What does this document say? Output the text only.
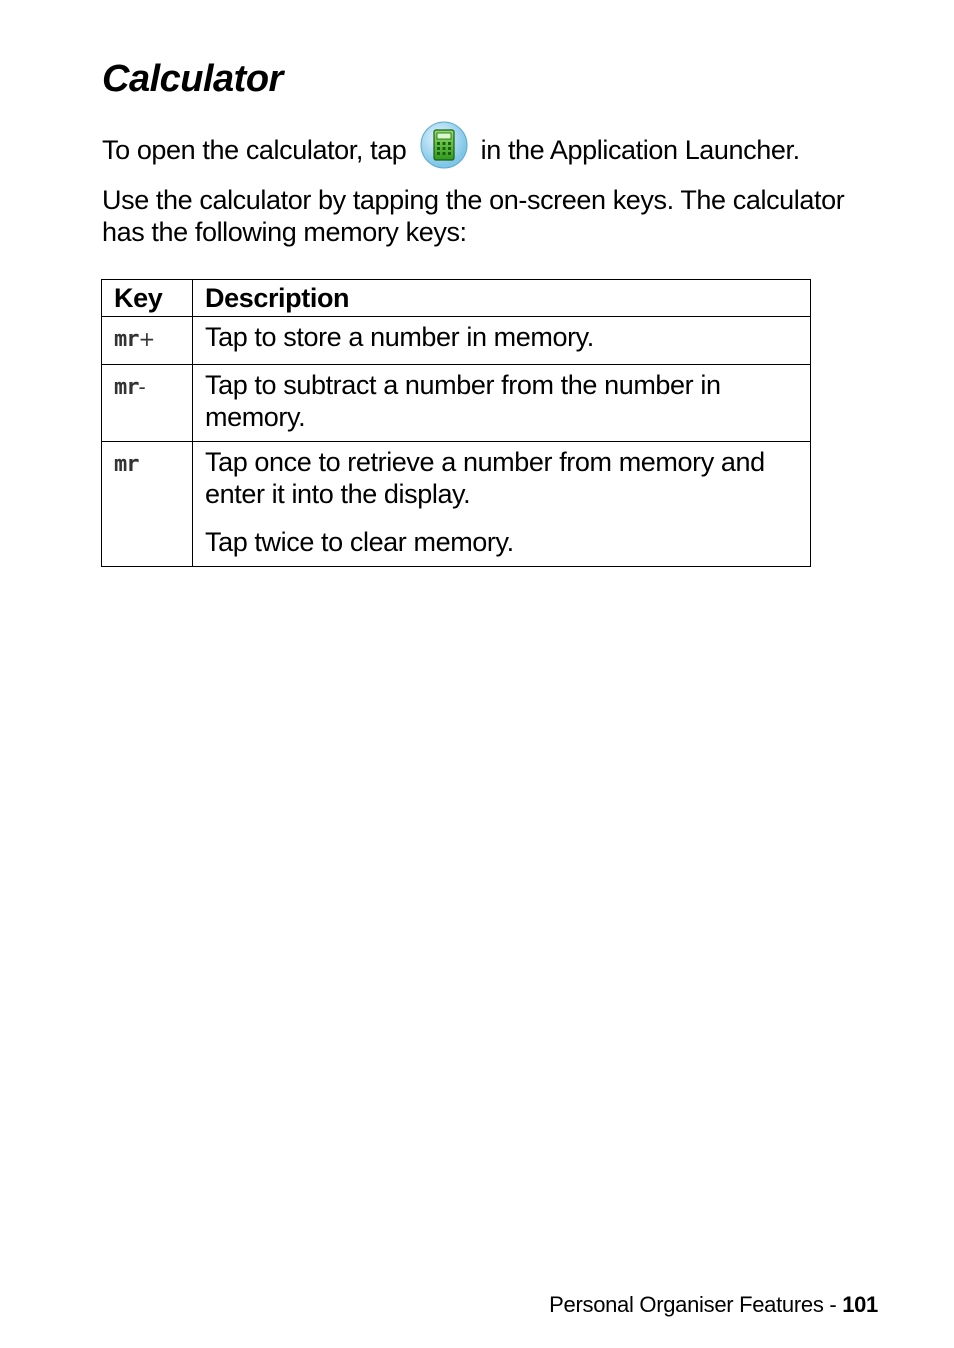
Calculator

To open the calculator, tap	in the Application Launcher.

Use the calculator by tapping the on-screen keys. The calculator has the following memory keys:

Key	Description
mr+	Tap to store a number in memory.
mr-	Tap to subtract a number from the number in memory.
mr	Tap once to retrieve a number from memory and enter it into the display.
Tap twice to clear memory.
Personal Organiser Features - 101
